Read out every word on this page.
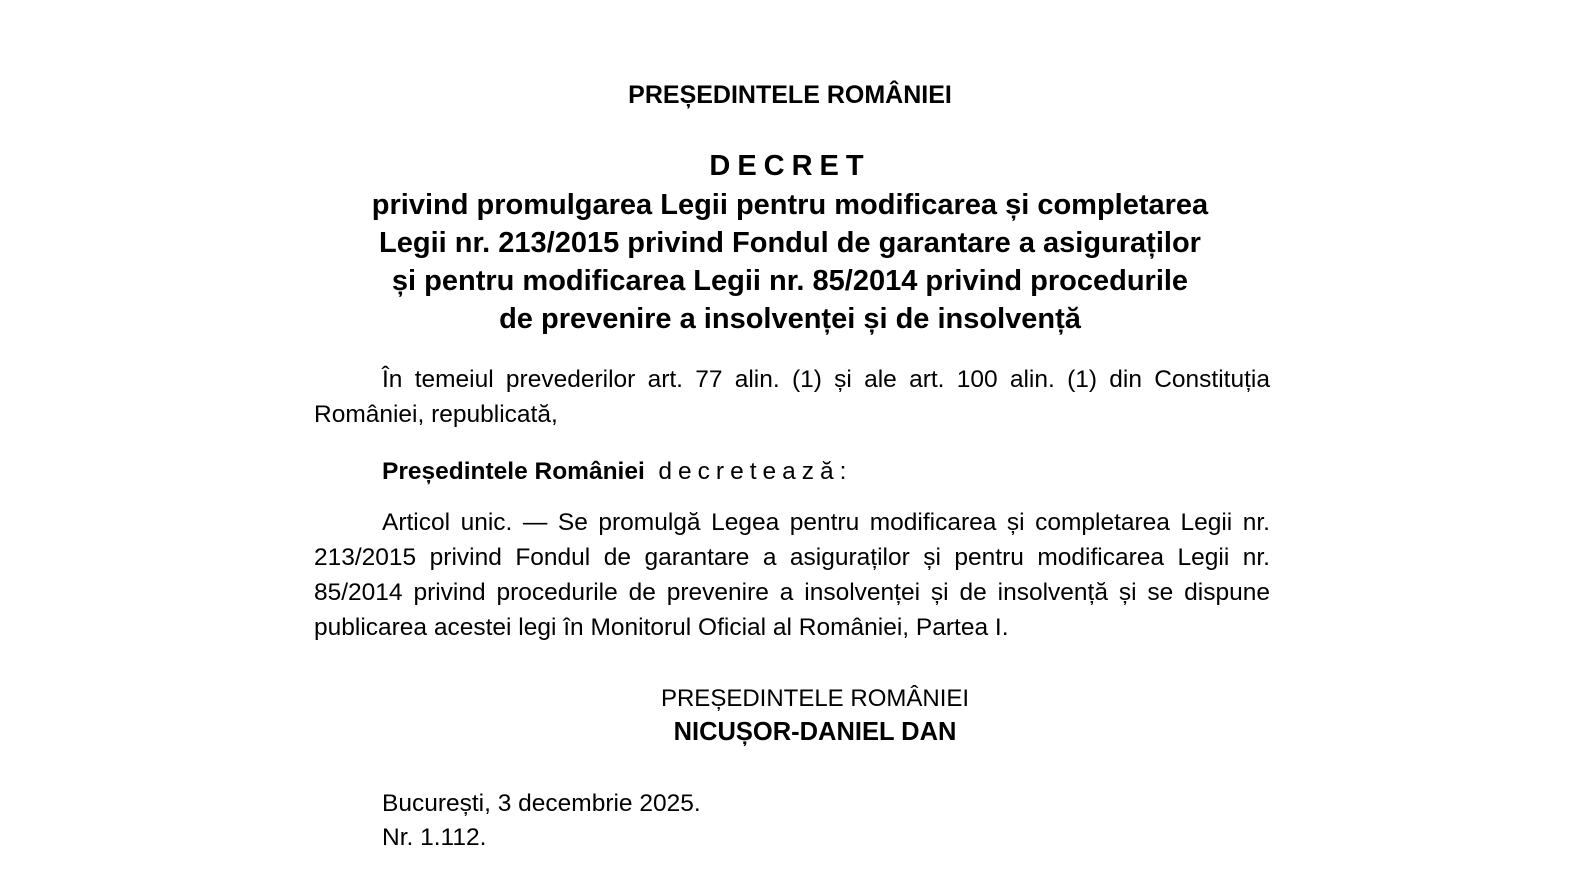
PREȘEDINTELE ROMÂNIEI
DECRET
privind promulgarea Legii pentru modificarea și completarea
Legii nr. 213/2015 privind Fondul de garantare a asiguraților
și pentru modificarea Legii nr. 85/2014 privind procedurile
de prevenire a insolvenței și de insolvență

În temeiul prevederilor art. 77 alin. (1) și ale art. 100 alin. (1) din Constituția României, republicată,

Președintele României decretează:

Articol unic. — Se promulgă Legea pentru modificarea și completarea Legii nr. 213/2015 privind Fondul de garantare a asiguraților și pentru modificarea Legii nr. 85/2014 privind procedurile de prevenire a insolvenței și de insolvență și se dispune publicarea acestei legi în Monitorul Oficial al României, Partea I.

PREȘEDINTELE ROMÂNIEI

NICUȘOR-DANIEL DAN

București, 3 decembrie 2025.

Nr. 1.112.
